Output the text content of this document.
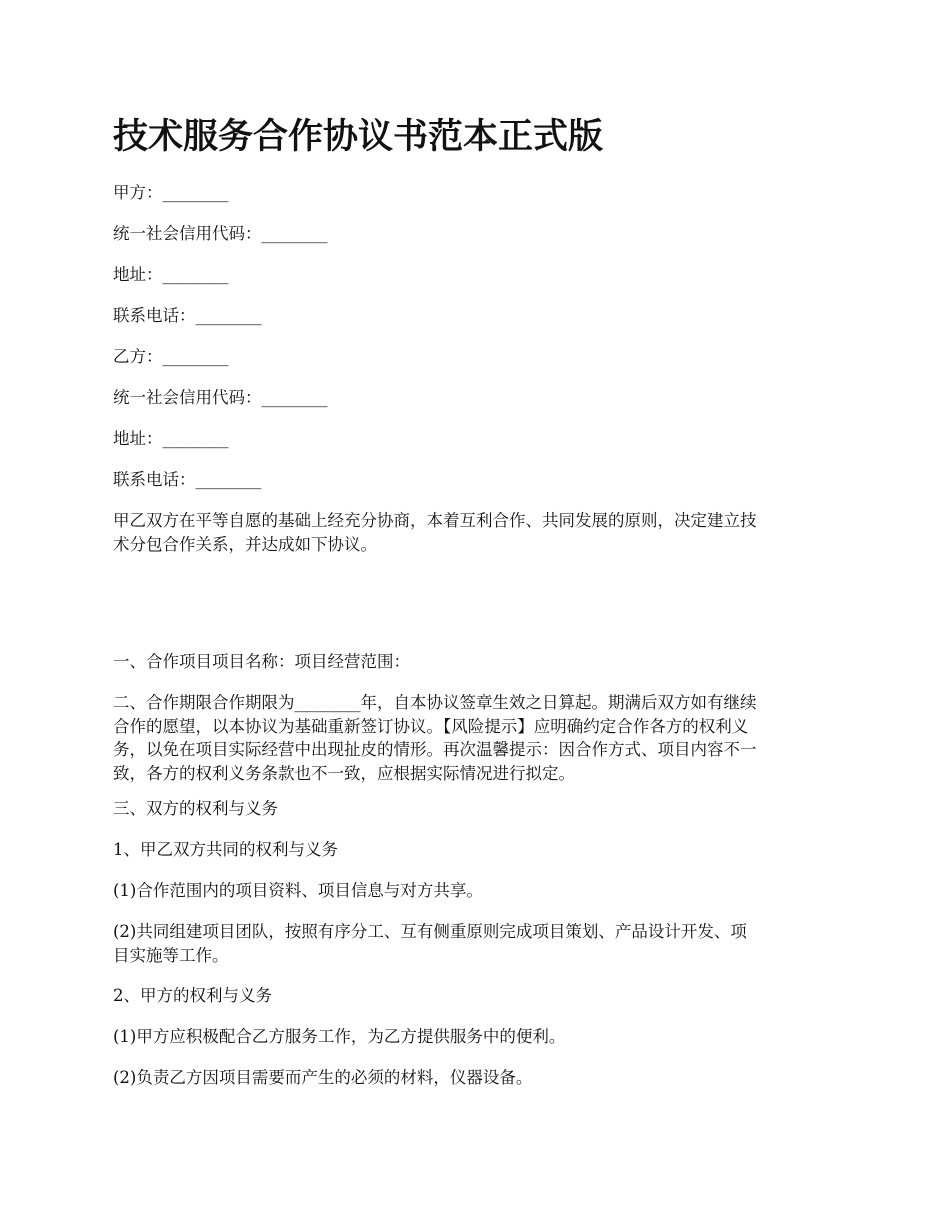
技术服务合作协议书范本正式版

甲方：________

统一社会信用代码：________

地址：________

联系电话：________

乙方：________

统一社会信用代码：________

地址：________

联系电话：________

甲乙双方在平等自愿的基础上经充分协商，本着互利合作、共同发展的原则，决定建立技
术分包合作关系，并达成如下协议。

一、合作项目项目名称：项目经营范围：

二、合作期限合作期限为________年，自本协议签章生效之日算起。期满后双方如有继续
合作的愿望，以本协议为基础重新签订协议。【风险提示】应明确约定合作各方的权利义
务，以免在项目实际经营中出现扯皮的情形。再次温馨提示：因合作方式、项目内容不一
致，各方的权利义务条款也不一致，应根据实际情况进行拟定。

三、双方的权利与义务

1、甲乙双方共同的权利与义务

(1)合作范围内的项目资料、项目信息与对方共享。

(2)共同组建项目团队，按照有序分工、互有侧重原则完成项目策划、产品设计开发、项
目实施等工作。

2、甲方的权利与义务

(1)甲方应积极配合乙方服务工作，为乙方提供服务中的便利。

(2)负责乙方因项目需要而产生的必须的材料，仪器设备。
